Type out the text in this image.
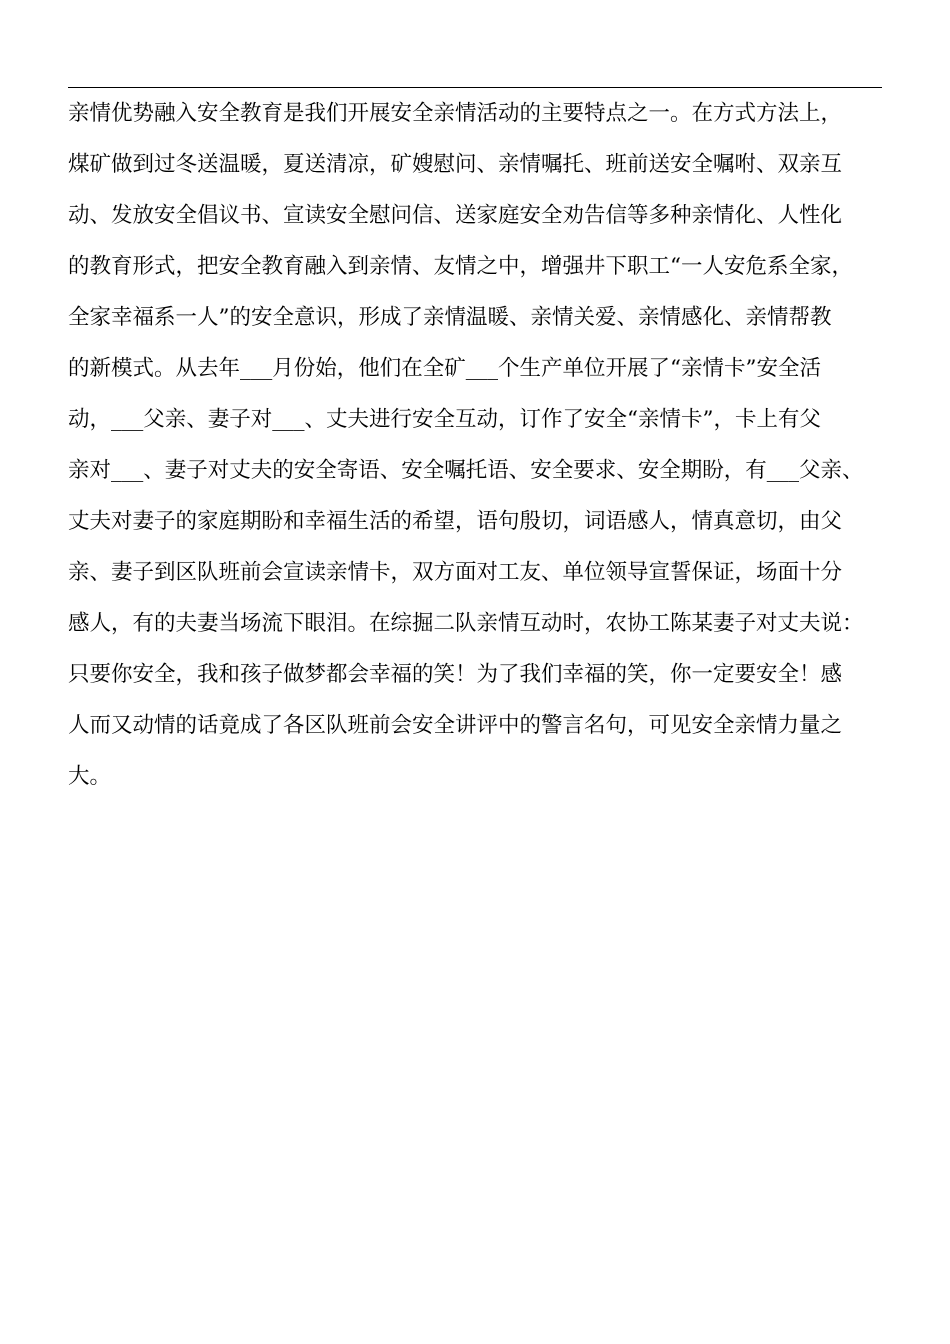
亲情优势融入安全教育是我们开展安全亲情活动的主要特点之一。在方式方法上，
煤矿做到过冬送温暖，夏送清凉，矿嫂慰问、亲情嘱托、班前送安全嘱咐、双亲互
动、发放安全倡议书、宣读安全慰问信、送家庭安全劝告信等多种亲情化、人性化
的教育形式，把安全教育融入到亲情、友情之中，增强井下职工“一人安危系全家，
全家幸福系一人”的安全意识，形成了亲情温暖、亲情关爱、亲情感化、亲情帮教
的新模式。从去年___月份始，他们在全矿___个生产单位开展了“亲情卡”安全活
动，___父亲、妻子对___、丈夫进行安全互动，订作了安全“亲情卡”，卡上有父
亲对___、妻子对丈夫的安全寄语、安全嘱托语、安全要求、安全期盼，有___父亲、
丈夫对妻子的家庭期盼和幸福生活的希望，语句殷切，词语感人，情真意切，由父
亲、妻子到区队班前会宣读亲情卡，双方面对工友、单位领导宣誓保证，场面十分
感人，有的夫妻当场流下眼泪。在综掘二队亲情互动时，农协工陈某妻子对丈夫说：
只要你安全，我和孩子做梦都会幸福的笑！为了我们幸福的笑，你一定要安全！感
人而又动情的话竟成了各区队班前会安全讲评中的警言名句，可见安全亲情力量之
大。
